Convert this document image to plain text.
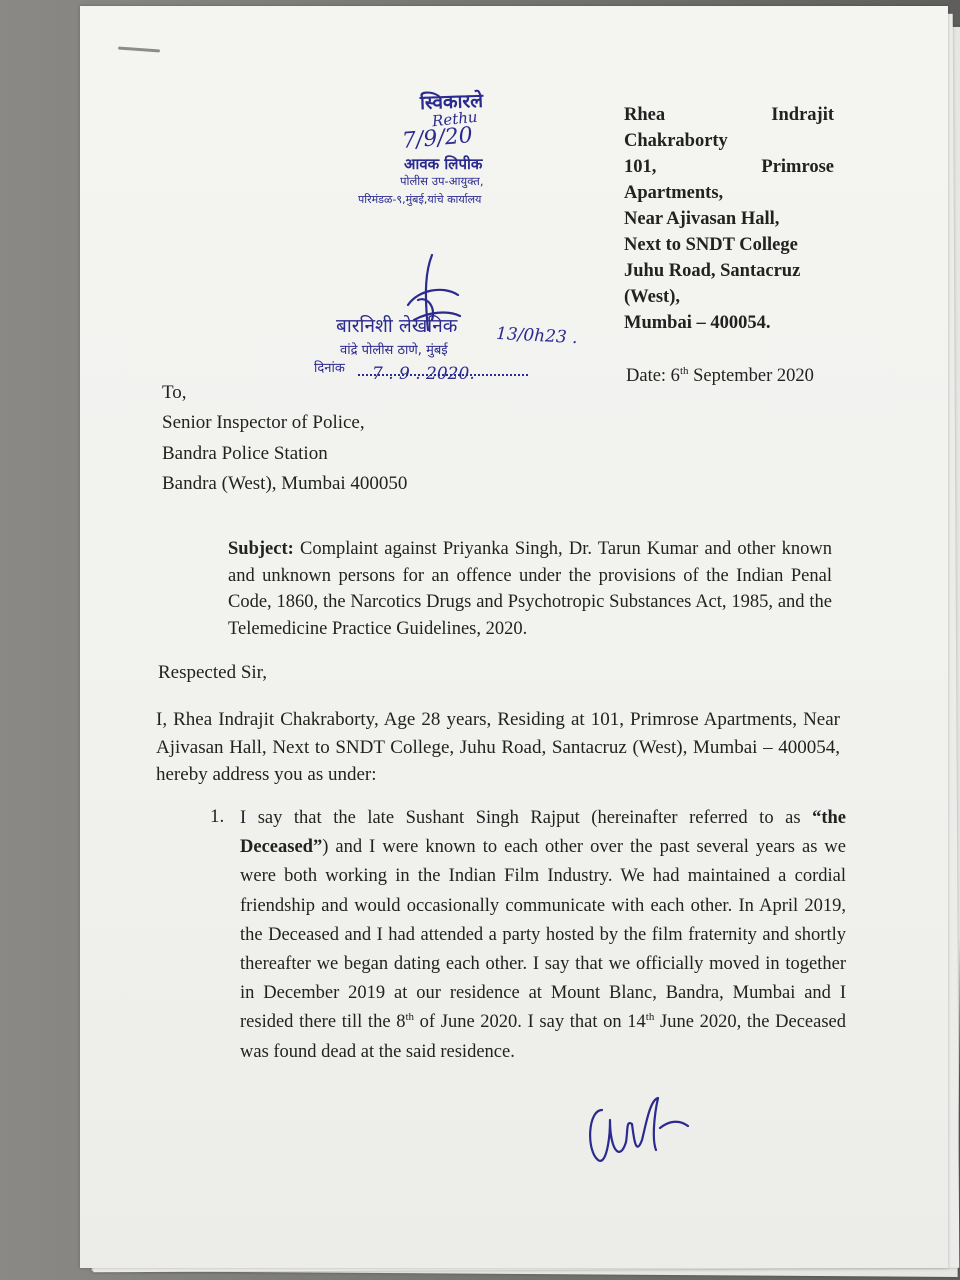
स्विकारले
Rethu
7/9/20
आवक लिपीक
पोलीस उप-आयुक्त,
परिमंडळ-९,मुंबई,यांचे कार्यालय
बारनिशी लेखनिक 13/0h23 .
वांद्रे पोलीस ठाणे, मुंबई
दिनांक 7 . 9 . 2020.
Rhea Indrajit
Chakraborty
101, Primrose
Apartments,
Near Ajivasan Hall,
Next to SNDT College
Juhu Road, Santacruz
(West),
Mumbai – 400054.
Date: 6th September 2020
To,
Senior Inspector of Police,
Bandra Police Station
Bandra (West), Mumbai 400050
Subject: Complaint against Priyanka Singh, Dr. Tarun Kumar and other known and unknown persons for an offence under the provisions of the Indian Penal Code, 1860, the Narcotics Drugs and Psychotropic Substances Act, 1985, and the Telemedicine Practice Guidelines, 2020.
Respected Sir,
I, Rhea Indrajit Chakraborty, Age 28 years, Residing at 101, Primrose Apartments, Near Ajivasan Hall, Next to SNDT College, Juhu Road, Santacruz (West), Mumbai – 400054, hereby address you as under:
1. I say that the late Sushant Singh Rajput (hereinafter referred to as “the Deceased”) and I were known to each other over the past several years as we were both working in the Indian Film Industry. We had maintained a cordial friendship and would occasionally communicate with each other. In April 2019, the Deceased and I had attended a party hosted by the film fraternity and shortly thereafter we began dating each other. I say that we officially moved in together in December 2019 at our residence at Mount Blanc, Bandra, Mumbai and I resided there till the 8th of June 2020. I say that on 14th June 2020, the Deceased was found dead at the said residence.
